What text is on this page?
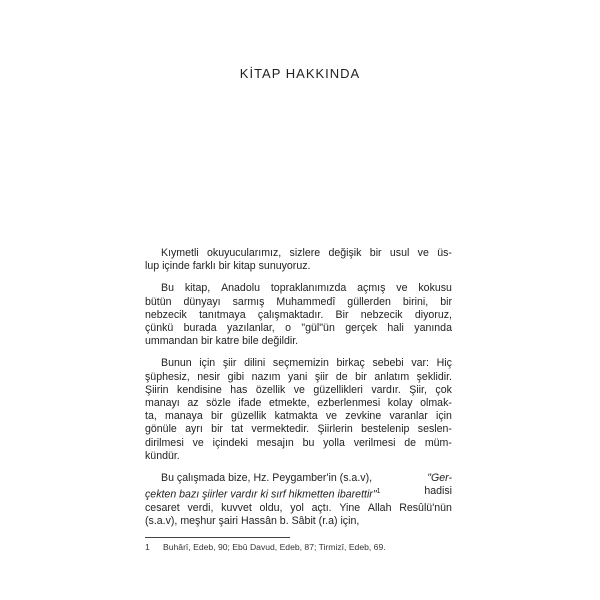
KİTAP HAKKINDA
Kıymetli okuyucularımız, sizlere değişik bir usul ve üs-
lup içinde farklı bir kitap sunuyoruz.
Bu kitap, Anadolu topraklanımızda açmış ve kokusu
bütün dünyayı sarmış Muhammedî güllerden birini, bir
nebzecik tanıtmaya çalışmaktadır. Bir nebzecik diyoruz,
çünkü burada yazılanlar, o "gül"ün gerçek hali yanında
ummandan bir katre bile değildir.
Bunun için şiir dilini seçmemizin birkaç sebebi var: Hiç
şüphesiz, nesir gibi nazım yani şiir de bir anlatım şeklidir.
Şiirin kendisine has özellik ve güzellikleri vardır. Şiir, çok
manayı az sözle ifade etmekte, ezberlenmesi kolay olmak-
ta, manaya bir güzellik katmakta ve zevkine varanlar için
gönüle ayrı bir tat vermektedir. Şiirlerin bestelenip seslen-
dirilmesi ve içindeki mesajın bu yolla verilmesi de müm-
kündür.
Bu çalışmada bize, Hz. Peygamber'in (s.a.v),	"Ger-
çekten bazı şiirler vardır ki sırf hikmetten ibarettir"$^1$	hadisi
cesaret verdi, kuvvet oldu, yol açtı. Yine Allah Resûlü'nün
(s.a.v), meşhur şairi Hassân b. Sâbit (r.a) için,
1 Buhârî, Edeb, 90; Ebû Davud, Edeb, 87; Tirmizî, Edeb, 69.
